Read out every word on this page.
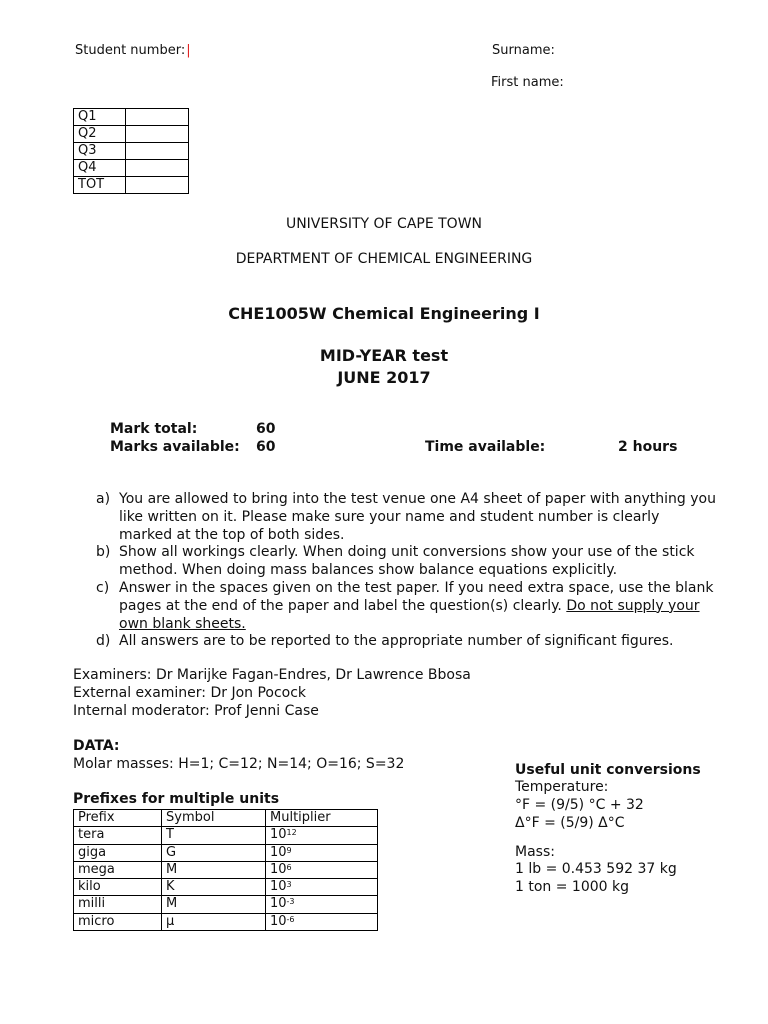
Student number:|	Surname:
First name:
Q1	
Q2	
Q3	
Q4	
TOT	
UNIVERSITY OF CAPE TOWN
DEPARTMENT OF CHEMICAL ENGINEERING
CHE1005W Chemical Engineering I
MID-YEAR test
JUNE 2017
Mark total:	60
Marks available: 60	Time available:	2 hours
a) You are allowed to bring into the test venue one A4 sheet of paper with anything you like written on it. Please make sure your name and student number is clearly marked at the top of both sides.
b) Show all workings clearly. When doing unit conversions show your use of the stick method. When doing mass balances show balance equations explicitly.
c) Answer in the spaces given on the test paper. If you need extra space, use the blank pages at the end of the paper and label the question(s) clearly. Do not supply your own blank sheets.
d) All answers are to be reported to the appropriate number of significant figures.
Examiners: Dr Marijke Fagan-Endres, Dr Lawrence Bbosa
External examiner: Dr Jon Pocock
Internal moderator: Prof Jenni Case
DATA:
Molar masses: H=1; C=12; N=14; O=16; S=32
Prefixes for multiple units
Prefix	Symbol	Multiplier
tera	T	$10^{12}$
giga	G	$10^9$
mega	M	$10^6$
kilo	K	$10^3$
milli	M	$10^{-3}$
micro	μ	$10^{-6}$
Useful unit conversions
Temperature:
°F = (9/5) °C + 32
Δ°F = (5/9) Δ°C
Mass:
1 lb = 0.453 592 37 kg
1 ton = 1000 kg
